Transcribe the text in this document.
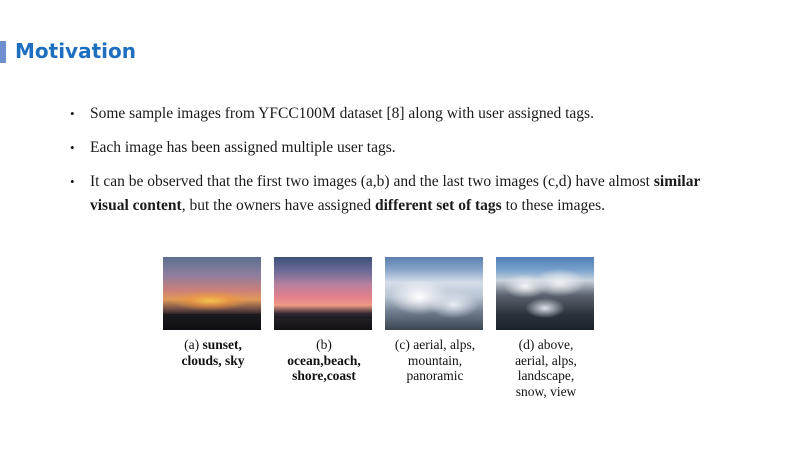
Motivation
• Some sample images from YFCC100M dataset [8] along with user assigned tags.
• Each image has been assigned multiple user tags.
• It can be observed that the first two images (a,b) and the last two images (c,d) have almost similar visual content, but the owners have assigned different set of tags to these images.
(a) sunset,
clouds, sky
(b)
ocean,beach,
shore,coast
(c) aerial, alps,
mountain,
panoramic
(d) above,
aerial, alps,
landscape,
snow, view
